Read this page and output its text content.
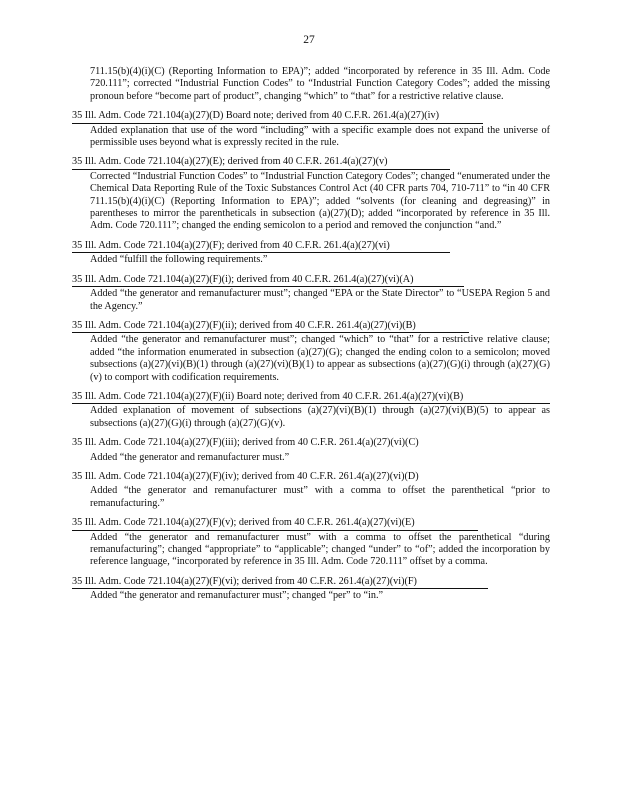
27
711.15(b)(4)(i)(C) (Reporting Information to EPA)”; added “incorporated by reference in 35 Ill. Adm. Code 720.111”; corrected “Industrial Function Codes” to “Industrial Function Category Codes”; added the missing pronoun before “become part of product”, changing “which” to “that” for a restrictive relative clause.
35 Ill. Adm. Code 721.104(a)(27)(D) Board note; derived from 40 C.F.R. 261.4(a)(27)(iv)
Added explanation that use of the word “including” with a specific example does not expand the universe of permissible uses beyond what is expressly recited in the rule.
35 Ill. Adm. Code 721.104(a)(27)(E); derived from 40 C.F.R. 261.4(a)(27)(v)
Corrected “Industrial Function Codes” to “Industrial Function Category Codes”; changed “enumerated under the Chemical Data Reporting Rule of the Toxic Substances Control Act (40 CFR parts 704, 710-711” to “in 40 CFR 711.15(b)(4)(i)(C) (Reporting Information to EPA)”; added “solvents (for cleaning and degreasing)” in parentheses to mirror the parentheticals in subsection (a)(27)(D); added “incorporated by reference in 35 Ill. Adm. Code 720.111”; changed the ending semicolon to a period and removed the conjunction “and.”
35 Ill. Adm. Code 721.104(a)(27)(F); derived from 40 C.F.R. 261.4(a)(27)(vi)
Added “fulfill the following requirements.”
35 Ill. Adm. Code 721.104(a)(27)(F)(i); derived from 40 C.F.R. 261.4(a)(27)(vi)(A)
Added “the generator and remanufacturer must”; changed “EPA or the State Director” to “USEPA Region 5 and the Agency.”
35 Ill. Adm. Code 721.104(a)(27)(F)(ii); derived from 40 C.F.R. 261.4(a)(27)(vi)(B)
Added “the generator and remanufacturer must”; changed “which” to “that” for a restrictive relative clause; added “the information enumerated in subsection (a)(27)(G); changed the ending colon to a semicolon; moved subsections (a)(27)(vi)(B)(1) through (a)(27)(vi)(B)(1) to appear as subsections (a)(27)(G)(i) through (a)(27)(G)(v) to comport with codification requirements.
35 Ill. Adm. Code 721.104(a)(27)(F)(ii) Board note; derived from 40 C.F.R. 261.4(a)(27)(vi)(B)
Added explanation of movement of subsections (a)(27)(vi)(B)(1) through (a)(27)(vi)(B)(5) to appear as subsections (a)(27)(G)(i) through (a)(27)(G)(v).
35 Ill. Adm. Code 721.104(a)(27)(F)(iii); derived from 40 C.F.R. 261.4(a)(27)(vi)(C)
Added “the generator and remanufacturer must.”
35 Ill. Adm. Code 721.104(a)(27)(F)(iv); derived from 40 C.F.R. 261.4(a)(27)(vi)(D)
Added “the generator and remanufacturer must” with a comma to offset the parenthetical “prior to remanufacturing.”
35 Ill. Adm. Code 721.104(a)(27)(F)(v); derived from 40 C.F.R. 261.4(a)(27)(vi)(E)
Added “the generator and remanufacturer must” with a comma to offset the parenthetical “during remanufacturing”; changed “appropriate” to “applicable”; changed “under” to “of”; added the incorporation by reference language, “incorporated by reference in 35 Ill. Adm. Code 720.111” offset by a comma.
35 Ill. Adm. Code 721.104(a)(27)(F)(vi); derived from 40 C.F.R. 261.4(a)(27)(vi)(F)
Added “the generator and remanufacturer must”; changed “per” to “in.”
